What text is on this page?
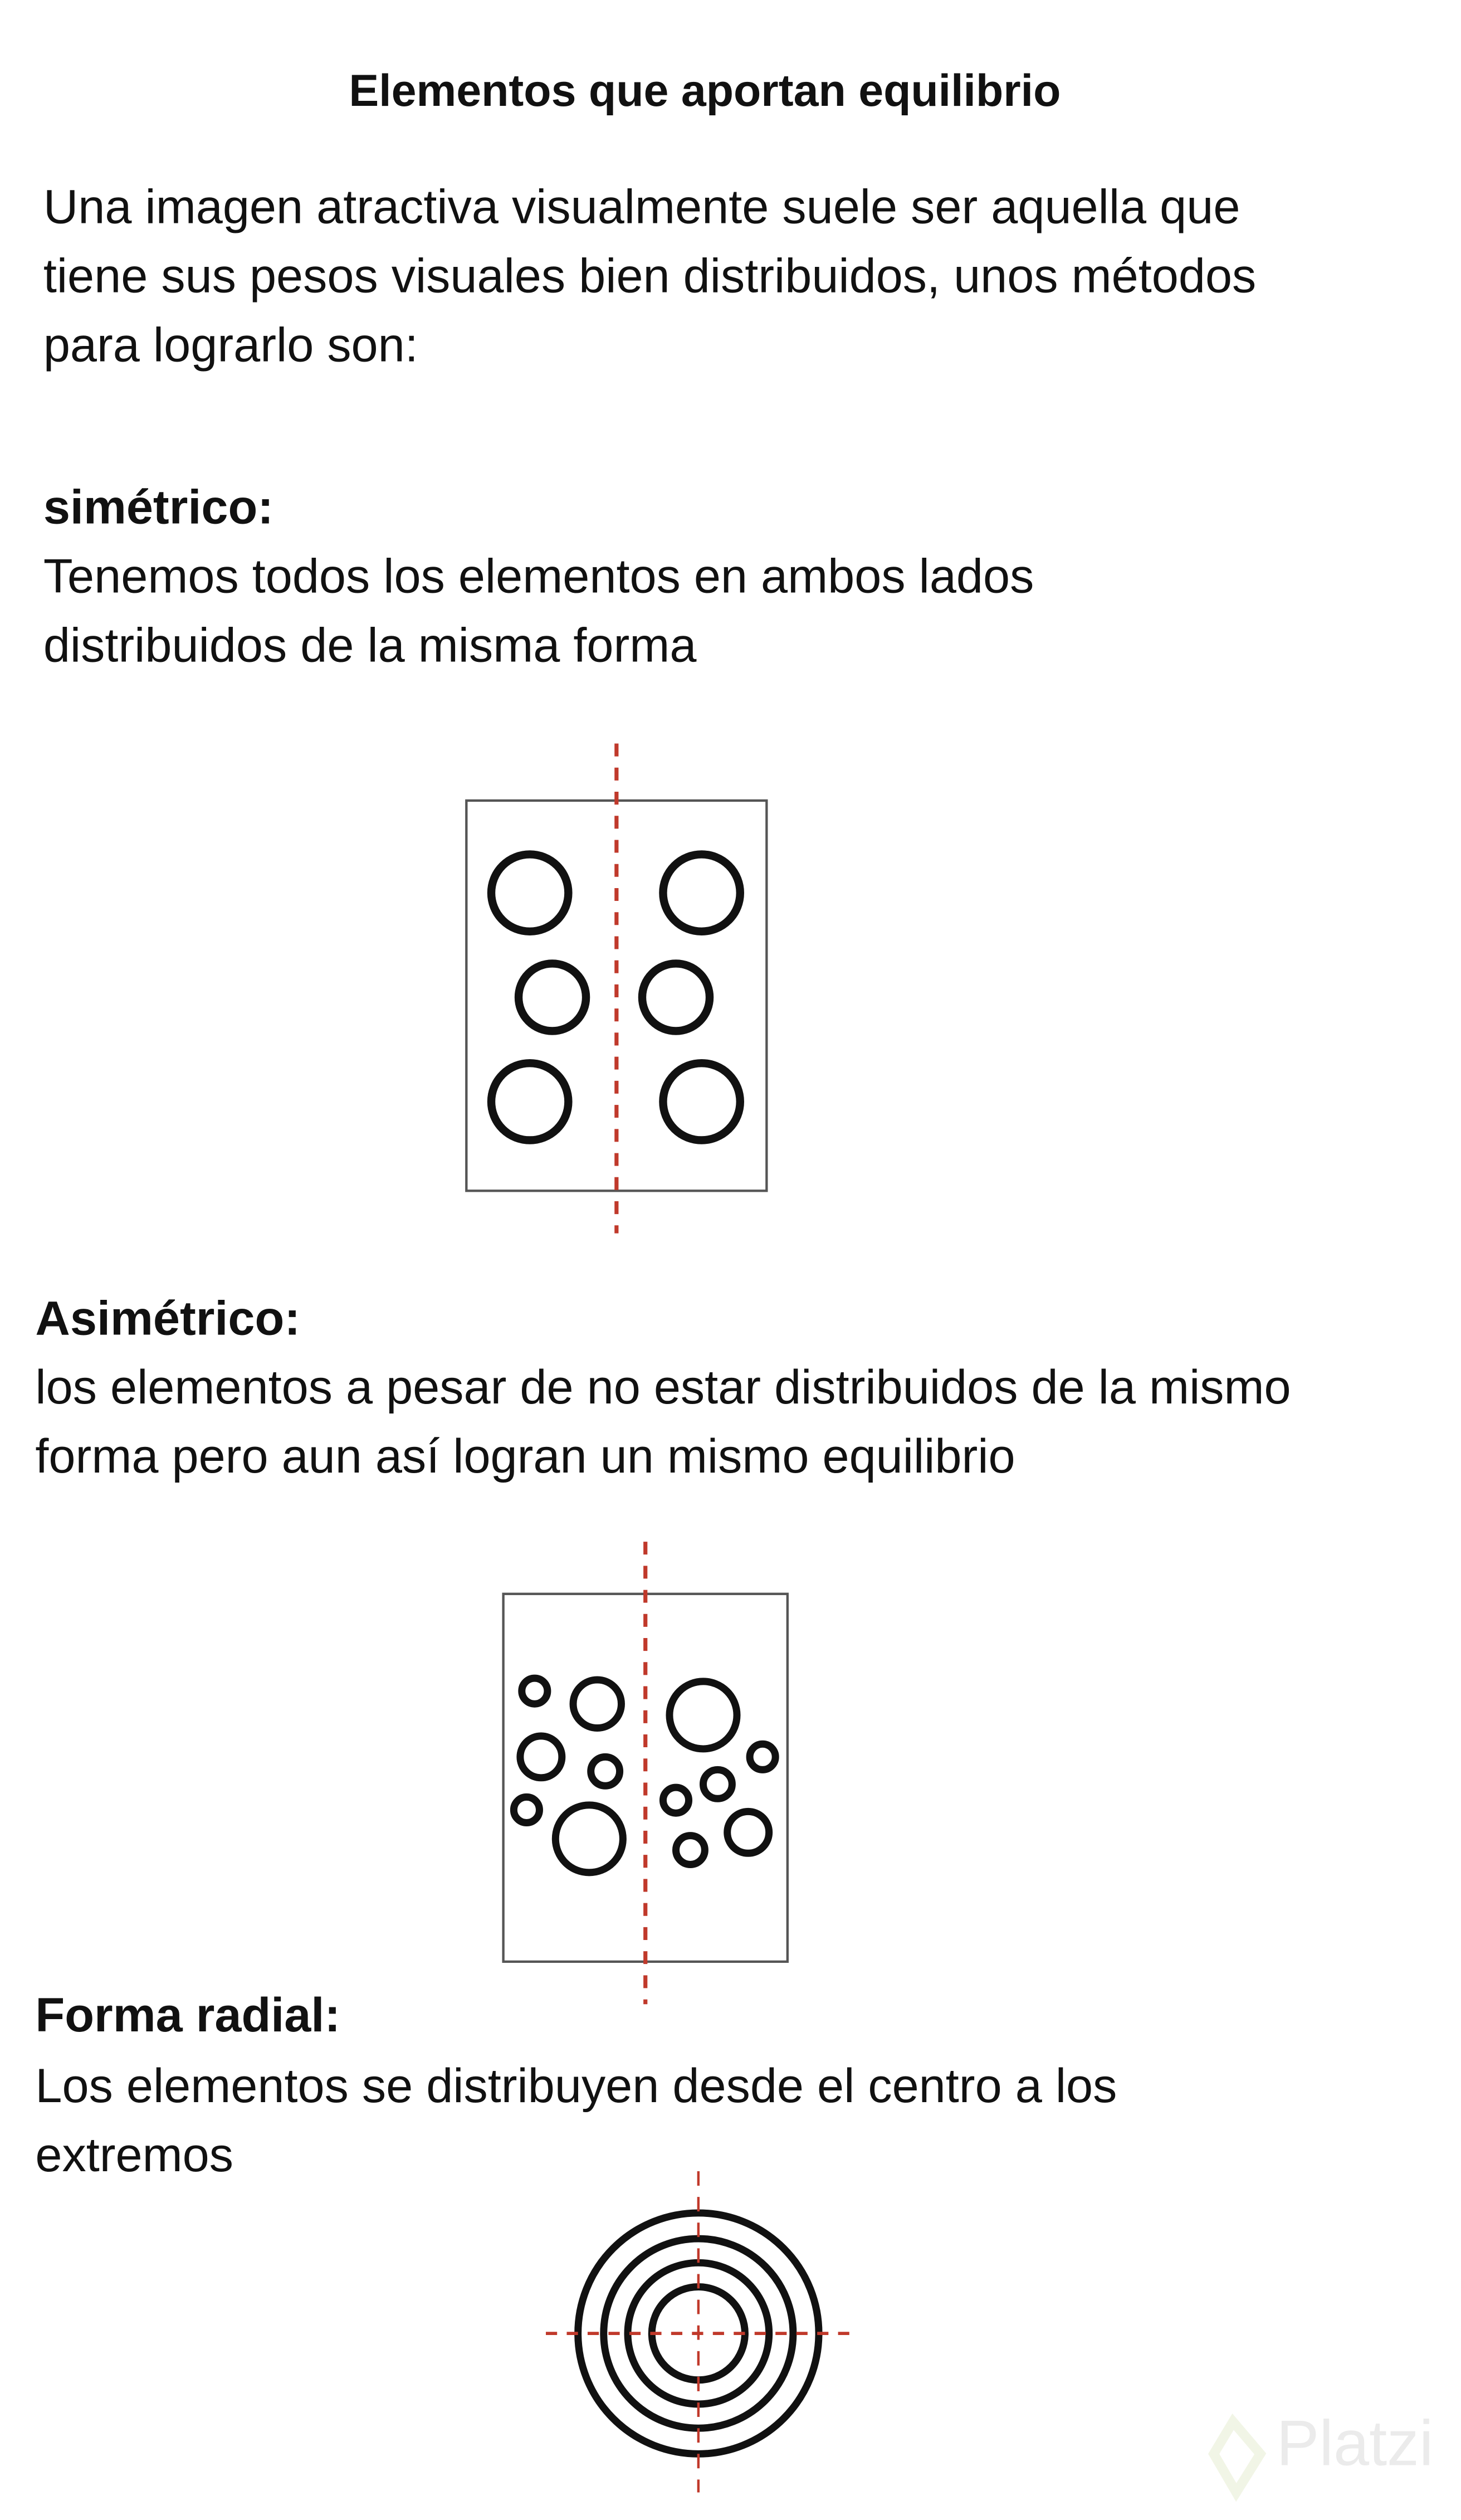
Elementos que aportan equilibrio
Una imagen atractiva visualmente suele ser aquella que
tiene sus pesos visuales bien distribuidos, unos métodos
para lograrlo son:
simétrico:
Tenemos todos los elementos en ambos lados
distribuidos de la misma forma
Asimétrico:
los elementos a pesar de no estar distribuidos de la mismo
forma pero aun así logran un mismo equilibrio
Forma radial:
Los elementos se distribuyen desde el centro a los
extremos
Platzi
